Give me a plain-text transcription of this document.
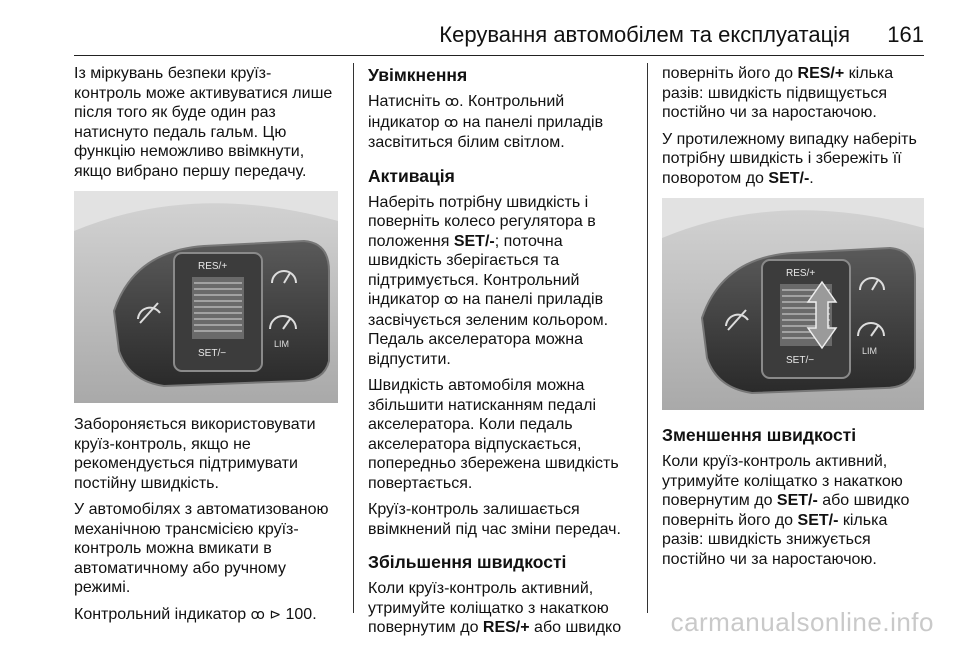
Керування автомобілем та експлуатація 161

Із міркувань безпеки круїз-контроль може активуватися лише після того як буде один раз натиснуто педаль гальм. Цю функцію неможливо ввімкнути, якщо вибрано першу передачу.

RES/+
SET/−
LIM

Забороняється використовувати круїз-контроль, якщо не рекомендується підтримувати постійну швидкість.

У автомобілях з автоматизованою механічною трансмісією круїз-контроль можна вмикати в автоматичному або ручному режимі.

Контрольний індикатор ꝏ ⊳ 100.

Увімкнення

Натисніть ꝏ. Контрольний індикатор ꝏ на панелі приладів засвітиться білим світлом.

Активація

Наберіть потрібну швидкість і поверніть колесо регулятора в положення SET/-; поточна швидкість зберігається та підтримується. Контрольний індикатор ꝏ на панелі приладів засвічується зеленим кольором. Педаль акселератора можна відпустити.

Швидкість автомобіля можна збільшити натисканням педалі акселератора. Коли педаль акселератора відпускається, попередньо збережена швидкість повертається.

Круїз-контроль залишається ввімкнений під час зміни передач.

Збільшення швидкості

Коли круїз-контроль активний, утримуйте коліщатко з накаткою повернутим до RES/+ або швидко

поверніть його до RES/+ кілька разів: швидкість підвищується постійно чи за наростаючою.

У протилежному випадку наберіть потрібну швидкість і збережіть її поворотом до SET/-.

RES/+
SET/−
LIM
Зменшення швидкості

Коли круїз-контроль активний, утримуйте коліщатко з накаткою повернутим до SET/- або швидко поверніть його до SET/- кілька разів: швидкість знижується постійно чи за наростаючою.

carmanualsonline.info
